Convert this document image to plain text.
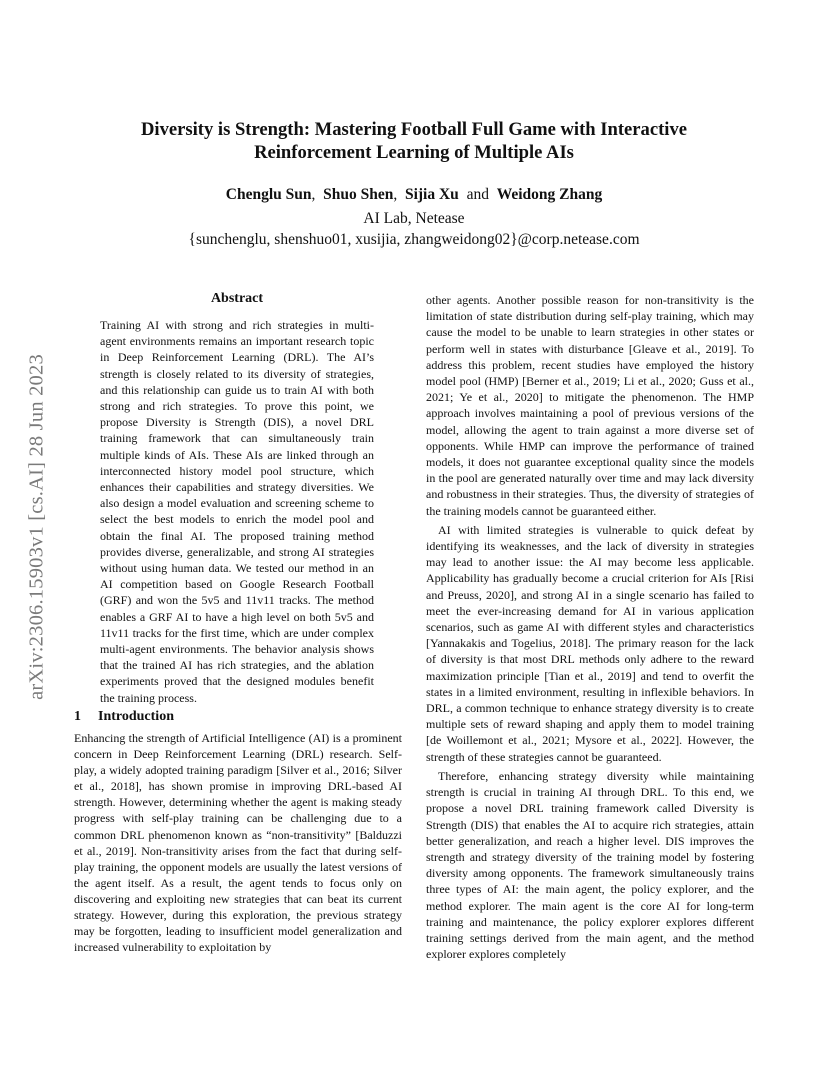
arXiv:2306.15903v1 [cs.AI] 28 Jun 2023
Diversity is Strength: Mastering Football Full Game with Interactive
Reinforcement Learning of Multiple AIs
Chenglu Sun, Shuo Shen, Sijia Xu and Weidong Zhang
AI Lab, Netease
{sunchenglu, shenshuo01, xusijia, zhangweidong02}@corp.netease.com
Abstract

Training AI with strong and rich strategies in multi-agent environments remains an important research topic in Deep Reinforcement Learning (DRL). The AI’s strength is closely related to its diversity of strategies, and this relationship can guide us to train AI with both strong and rich strategies. To prove this point, we propose Diversity is Strength (DIS), a novel DRL training framework that can simultaneously train multiple kinds of AIs. These AIs are linked through an interconnected history model pool structure, which enhances their capabilities and strategy diversities. We also design a model evaluation and screening scheme to select the best models to enrich the model pool and obtain the final AI. The proposed training method provides diverse, generalizable, and strong AI strategies without using human data. We tested our method in an AI competition based on Google Research Football (GRF) and won the 5v5 and 11v11 tracks. The method enables a GRF AI to have a high level on both 5v5 and 11v11 tracks for the first time, which are under complex multi-agent environments. The behavior analysis shows that the trained AI has rich strategies, and the ablation experiments proved that the designed modules benefit the training process.

1 Introduction

Enhancing the strength of Artificial Intelligence (AI) is a prominent concern in Deep Reinforcement Learning (DRL) research. Self-play, a widely adopted training paradigm [Silver et al., 2016; Silver et al., 2018], has shown promise in improving DRL-based AI strength. However, determining whether the agent is making steady progress with self-play training can be challenging due to a common DRL phenomenon known as “non-transitivity” [Balduzzi et al., 2019]. Non-transitivity arises from the fact that during self-play training, the opponent models are usually the latest versions of the agent itself. As a result, the agent tends to focus only on discovering and exploiting new strategies that can beat its current strategy. However, during this exploration, the previous strategy may be forgotten, leading to insufficient model generalization and increased vulnerability to exploitation by

other agents. Another possible reason for non-transitivity is the limitation of state distribution during self-play training, which may cause the model to be unable to learn strategies in other states or perform well in states with disturbance [Gleave et al., 2019]. To address this problem, recent studies have employed the history model pool (HMP) [Berner et al., 2019; Li et al., 2020; Guss et al., 2021; Ye et al., 2020] to mitigate the phenomenon. The HMP approach involves maintaining a pool of previous versions of the model, allowing the agent to train against a more diverse set of opponents. While HMP can improve the performance of trained models, it does not guarantee exceptional quality since the models in the pool are generated naturally over time and may lack diversity and robustness in their strategies. Thus, the diversity of strategies of the training models cannot be guaranteed either.

AI with limited strategies is vulnerable to quick defeat by identifying its weaknesses, and the lack of diversity in strategies may lead to another issue: the AI may become less applicable. Applicability has gradually become a crucial criterion for AIs [Risi and Preuss, 2020], and strong AI in a single scenario has failed to meet the ever-increasing demand for AI in various application scenarios, such as game AI with different styles and characteristics [Yannakakis and Togelius, 2018]. The primary reason for the lack of diversity is that most DRL methods only adhere to the reward maximization principle [Tian et al., 2019] and tend to overfit the states in a limited environment, resulting in inflexible behaviors. In DRL, a common technique to enhance strategy diversity is to create multiple sets of reward shaping and apply them to model training [de Woillemont et al., 2021; Mysore et al., 2022]. However, the strength of these strategies cannot be guaranteed.

Therefore, enhancing strategy diversity while maintaining strength is crucial in training AI through DRL. To this end, we propose a novel DRL training framework called Diversity is Strength (DIS) that enables the AI to acquire rich strategies, attain better generalization, and reach a higher level. DIS improves the strength and strategy diversity of the training model by fostering diversity among opponents. The framework simultaneously trains three types of AI: the main agent, the policy explorer, and the method explorer. The main agent is the core AI for long-term training and maintenance, the policy explorer explores different training settings derived from the main agent, and the method explorer explores completely
